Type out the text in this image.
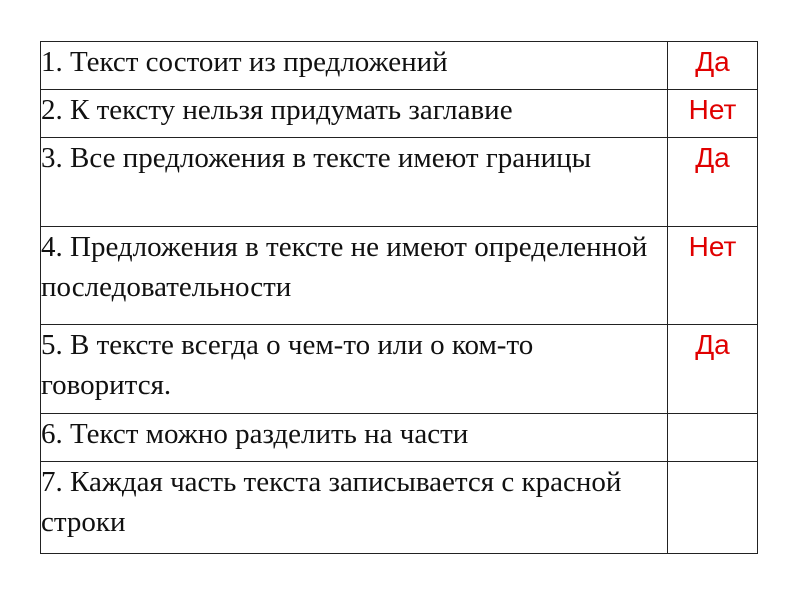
1. Текст состоит из предложений	Да
2. К тексту нельзя придумать заглавие	Нет
3. Все предложения в тексте имеют границы	Да
4. Предложения в тексте не имеют определенной последовательности	Нет
5. В тексте всегда о чем-то или о ком-то говорится.	Да
6. Текст можно разделить на части	
7. Каждая часть текста записывается с красной строки	
